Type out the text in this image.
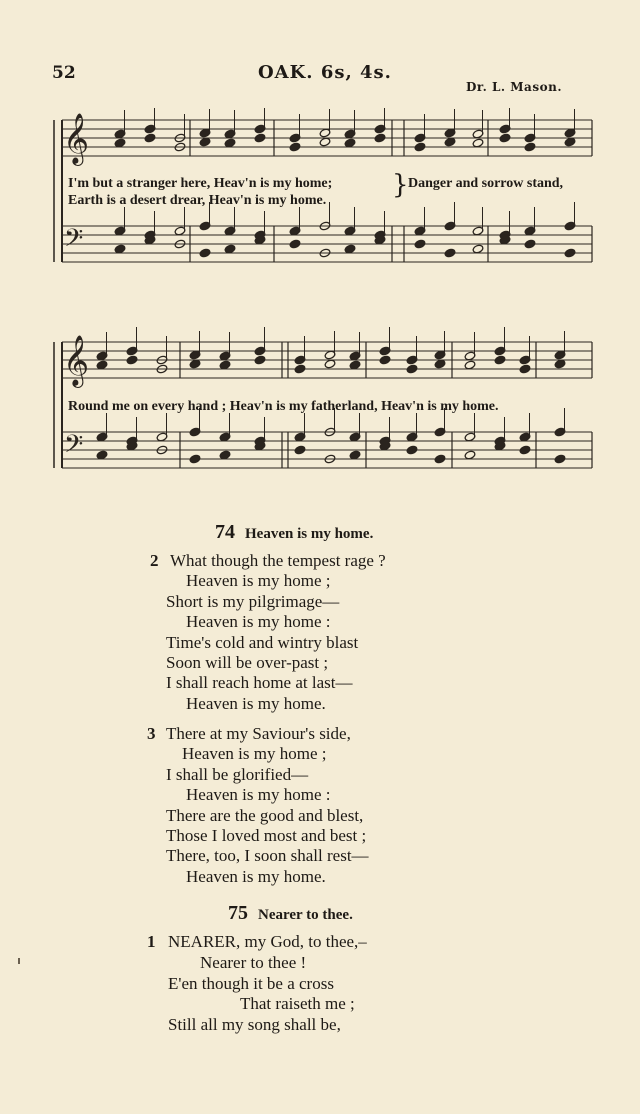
52	OAK. 6s, 4s.
Dr. L. Mason.
𝄞
𝄢
I'm but a stranger here, Heav'n is my home;
Earth is a desert drear, Heav'n is my home.
} Danger and sorrow stand,
𝄞
𝄢
Round me on every hand ; Heav'n is my fatherland, Heav'n is my home.
74 Heaven is my home.
What though the tempest rage ?
Heaven is my home ;
Short is my pilgrimage—
Heaven is my home :
Time's cold and wintry blast
Soon will be over-past ;
I shall reach home at last—
Heaven is my home.
2
There at my Saviour's side,
Heaven is my home ;
I shall be glorified—
Heaven is my home :
There are the good and blest,
Those I loved most and best ;
There, too, I soon shall rest—
Heaven is my home.
3
75 Nearer to thee.
NEARER, my God, to thee,–
Nearer to thee !
E'en though it be a cross
That raiseth me ;
Still all my song shall be,
1
